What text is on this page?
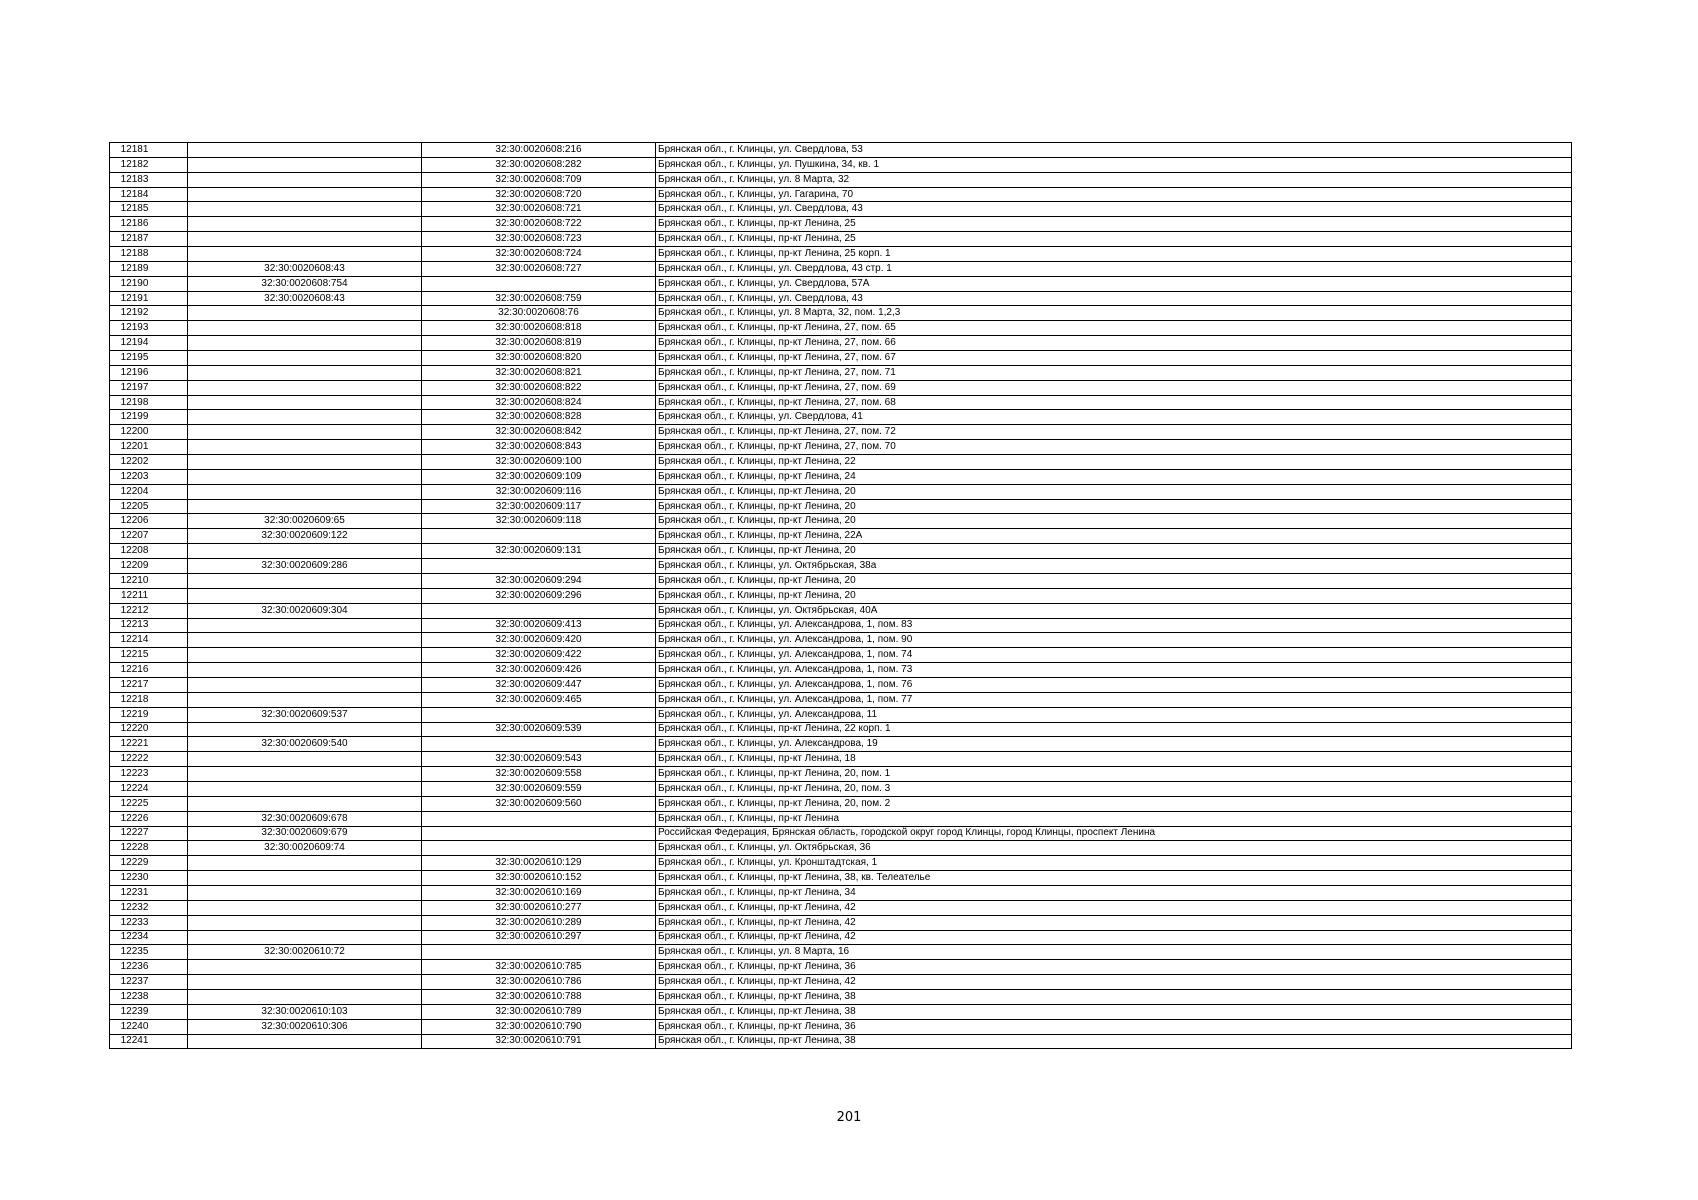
12181		32:30:0020608:216	Брянская обл., г. Клинцы, ул. Свердлова, 53
12182		32:30:0020608:282	Брянская обл., г. Клинцы, ул. Пушкина, 34, кв. 1
12183		32:30:0020608:709	Брянская обл., г. Клинцы, ул. 8 Марта, 32
12184		32:30:0020608:720	Брянская обл., г. Клинцы, ул. Гагарина, 70
12185		32:30:0020608:721	Брянская обл., г. Клинцы, ул. Свердлова, 43
12186		32:30:0020608:722	Брянская обл., г. Клинцы, пр-кт Ленина, 25
12187		32:30:0020608:723	Брянская обл., г. Клинцы, пр-кт Ленина, 25
12188		32:30:0020608:724	Брянская обл., г. Клинцы, пр-кт Ленина, 25 корп. 1
12189	32:30:0020608:43	32:30:0020608:727	Брянская обл., г. Клинцы, ул. Свердлова, 43 стр. 1
12190	32:30:0020608:754		Брянская обл., г. Клинцы, ул. Свердлова, 57А
12191	32:30:0020608:43	32:30:0020608:759	Брянская обл., г. Клинцы, ул. Свердлова, 43
12192		32:30:0020608:76	Брянская обл., г. Клинцы, ул. 8 Марта, 32, пом. 1,2,3
12193		32:30:0020608:818	Брянская обл., г. Клинцы, пр-кт Ленина, 27, пом. 65
12194		32:30:0020608:819	Брянская обл., г. Клинцы, пр-кт Ленина, 27, пом. 66
12195		32:30:0020608:820	Брянская обл., г. Клинцы, пр-кт Ленина, 27, пом. 67
12196		32:30:0020608:821	Брянская обл., г. Клинцы, пр-кт Ленина, 27, пом. 71
12197		32:30:0020608:822	Брянская обл., г. Клинцы, пр-кт Ленина, 27, пом. 69
12198		32:30:0020608:824	Брянская обл., г. Клинцы, пр-кт Ленина, 27, пом. 68
12199		32:30:0020608:828	Брянская обл., г. Клинцы, ул. Свердлова, 41
12200		32:30:0020608:842	Брянская обл., г. Клинцы, пр-кт Ленина, 27, пом. 72
12201		32:30:0020608:843	Брянская обл., г. Клинцы, пр-кт Ленина, 27, пом. 70
12202		32:30:0020609:100	Брянская обл., г. Клинцы, пр-кт Ленина, 22
12203		32:30:0020609:109	Брянская обл., г. Клинцы, пр-кт Ленина, 24
12204		32:30:0020609:116	Брянская обл., г. Клинцы, пр-кт Ленина, 20
12205		32:30:0020609:117	Брянская обл., г. Клинцы, пр-кт Ленина, 20
12206	32:30:0020609:65	32:30:0020609:118	Брянская обл., г. Клинцы, пр-кт Ленина, 20
12207	32:30:0020609:122		Брянская обл., г. Клинцы, пр-кт Ленина, 22А
12208		32:30:0020609:131	Брянская обл., г. Клинцы, пр-кт Ленина, 20
12209	32:30:0020609:286		Брянская обл., г. Клинцы, ул. Октябрьская, 38а
12210		32:30:0020609:294	Брянская обл., г. Клинцы, пр-кт Ленина, 20
12211		32:30:0020609:296	Брянская обл., г. Клинцы, пр-кт Ленина, 20
12212	32:30:0020609:304		Брянская обл., г. Клинцы, ул. Октябрьская, 40А
12213		32:30:0020609:413	Брянская обл., г. Клинцы, ул. Александрова, 1, пом. 83
12214		32:30:0020609:420	Брянская обл., г. Клинцы, ул. Александрова, 1, пом. 90
12215		32:30:0020609:422	Брянская обл., г. Клинцы, ул. Александрова, 1, пом. 74
12216		32:30:0020609:426	Брянская обл., г. Клинцы, ул. Александрова, 1, пом. 73
12217		32:30:0020609:447	Брянская обл., г. Клинцы, ул. Александрова, 1, пом. 76
12218		32:30:0020609:465	Брянская обл., г. Клинцы, ул. Александрова, 1, пом. 77
12219	32:30:0020609:537		Брянская обл., г. Клинцы, ул. Александрова, 11
12220		32:30:0020609:539	Брянская обл., г. Клинцы, пр-кт Ленина, 22 корп. 1
12221	32:30:0020609:540		Брянская обл., г. Клинцы, ул. Александрова, 19
12222		32:30:0020609:543	Брянская обл., г. Клинцы, пр-кт Ленина, 18
12223		32:30:0020609:558	Брянская обл., г. Клинцы, пр-кт Ленина, 20, пом. 1
12224		32:30:0020609:559	Брянская обл., г. Клинцы, пр-кт Ленина, 20, пом. 3
12225		32:30:0020609:560	Брянская обл., г. Клинцы, пр-кт Ленина, 20, пом. 2
12226	32:30:0020609:678		Брянская обл., г. Клинцы, пр-кт Ленина
12227	32:30:0020609:679		Российская Федерация, Брянская область, городской округ город Клинцы, город Клинцы, проспект Ленина
12228	32:30:0020609:74		Брянская обл., г. Клинцы, ул. Октябрьская, 36
12229		32:30:0020610:129	Брянская обл., г. Клинцы, ул. Кронштадтская, 1
12230		32:30:0020610:152	Брянская обл., г. Клинцы, пр-кт Ленина, 38, кв. Телеателье
12231		32:30:0020610:169	Брянская обл., г. Клинцы, пр-кт Ленина, 34
12232		32:30:0020610:277	Брянская обл., г. Клинцы, пр-кт Ленина, 42
12233		32:30:0020610:289	Брянская обл., г. Клинцы, пр-кт Ленина, 42
12234		32:30:0020610:297	Брянская обл., г. Клинцы, пр-кт Ленина, 42
12235	32:30:0020610:72		Брянская обл., г. Клинцы, ул. 8 Марта, 16
12236		32:30:0020610:785	Брянская обл., г. Клинцы, пр-кт Ленина, 36
12237		32:30:0020610:786	Брянская обл., г. Клинцы, пр-кт Ленина, 42
12238		32:30:0020610:788	Брянская обл., г. Клинцы, пр-кт Ленина, 38
12239	32:30:0020610:103	32:30:0020610:789	Брянская обл., г. Клинцы, пр-кт Ленина, 38
12240	32:30:0020610:306	32:30:0020610:790	Брянская обл., г. Клинцы, пр-кт Ленина, 36
12241		32:30:0020610:791	Брянская обл., г. Клинцы, пр-кт Ленина, 38
201
